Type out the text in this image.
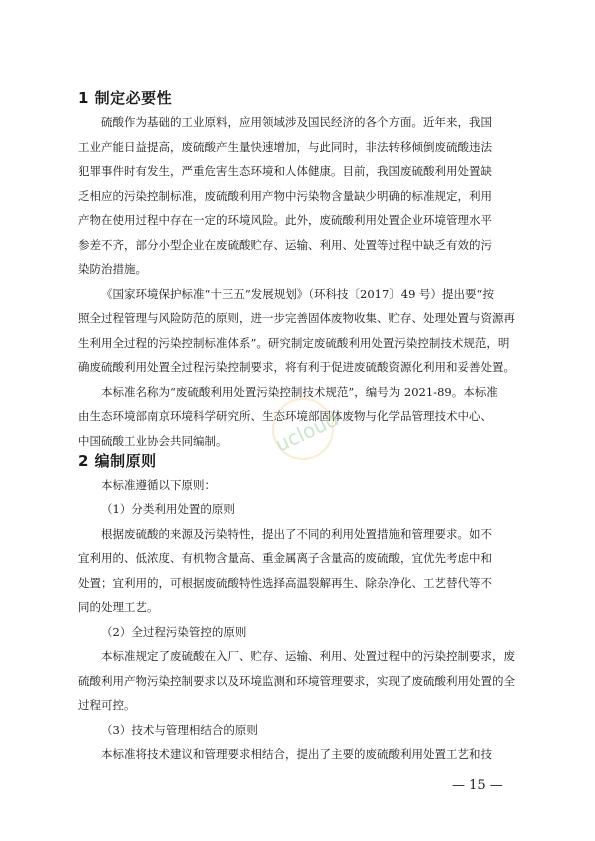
1 制定必要性
硫酸作为基础的工业原料，应用领域涉及国民经济的各个方面。近年来，我国
工业产能日益提高，废硫酸产生量快速增加，与此同时，非法转移倾倒废硫酸违法
犯罪事件时有发生，严重危害生态环境和人体健康。目前，我国废硫酸利用处置缺
乏相应的污染控制标准，废硫酸利用产物中污染物含量缺少明确的标准规定，利用
产物在使用过程中存在一定的环境风险。此外，废硫酸利用处置企业环境管理水平
参差不齐，部分小型企业在废硫酸贮存、运输、利用、处置等过程中缺乏有效的污
染防治措施。
《国家环境保护标准“十三五”发展规划》（环科技〔2017〕49 号）提出要“按
照全过程管理与风险防范的原则，进一步完善固体废物收集、贮存、处理处置与资源再
生利用全过程的污染控制标准体系”。研究制定废硫酸利用处置污染控制技术规范，明
确废硫酸利用处置全过程污染控制要求，将有利于促进废硫酸资源化利用和妥善处置。
本标准名称为“废硫酸利用处置污染控制技术规范”，编号为 2021-89。本标准
由生态环境部南京环境科学研究所、生态环境部固体废物与化学品管理技术中心、
中国硫酸工业协会共同编制。
2 编制原则
本标准遵循以下原则：
（1）分类利用处置的原则
根据废硫酸的来源及污染特性，提出了不同的利用处置措施和管理要求。如不
宜利用的、低浓度、有机物含量高、重金属离子含量高的废硫酸，宜优先考虑中和
处置；宜利用的，可根据废硫酸特性选择高温裂解再生、除杂净化、工艺替代等不
同的处理工艺。
（2）全过程污染管控的原则
本标准规定了废硫酸在入厂、贮存、运输、利用、处置过程中的污染控制要求，废
硫酸利用产物污染控制要求以及环境监测和环境管理要求，实现了废硫酸利用处置的全
过程可控。
（3）技术与管理相结合的原则
本标准将技术建议和管理要求相结合，提出了主要的废硫酸利用处置工艺和技
— 15 —
ucloud
